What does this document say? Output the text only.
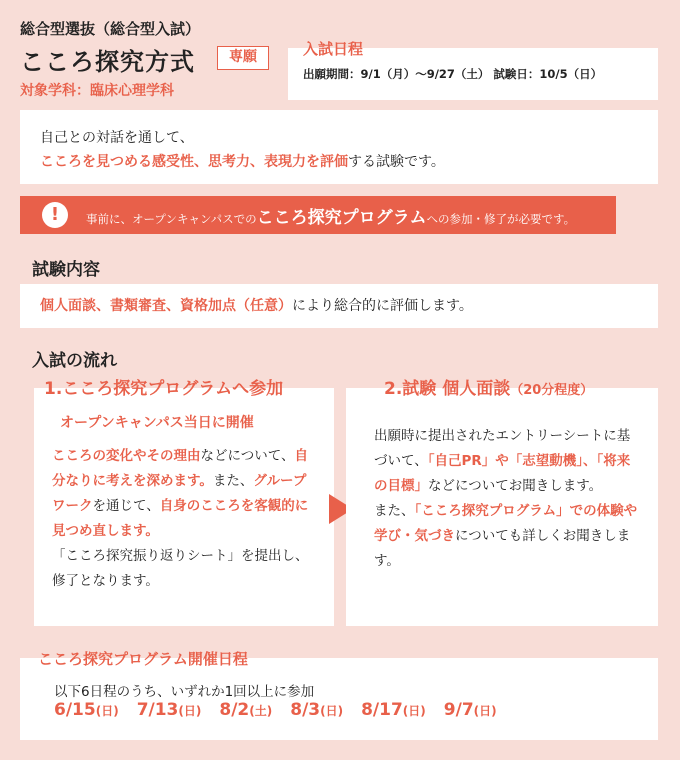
総合型選抜（総合型入試）
こころ探究方式	専願
対象学科：臨床心理学科
入試日程
出願期間：9/1（月）〜9/27（土） 試験日：10/5（日）
自己との対話を通して、
こころを見つめる感受性、思考力、表現力を評価する試験です。
!	事前に、オープンキャンパスでのこころ探究プログラムへの参加・修了が必要です。
試験内容
個人面談、書類審査、資格加点（任意）により総合的に評価します。
入試の流れ
1.こころ探究プログラムへ参加
オープンキャンパス当日に開催
こころの変化やその理由などについて、自分なりに考えを深めます。また、グループワークを通じて、自身のこころを客観的に見つめ直します。
「こころ探究振り返りシート」を提出し、修了となります。
2.試験 個人面談（20分程度）
出願時に提出されたエントリーシートに基づいて、「自己PR」や「志望動機」、「将来の目標」などについてお聞きします。
また、「こころ探究プログラム」での体験や学び・気づきについても詳しくお聞きします。
こころ探究プログラム開催日程
以下6日程のうち、いずれか1回以上に参加
6/15(日) 7/13(日) 8/2(土) 8/3(日) 8/17(日) 9/7(日)
